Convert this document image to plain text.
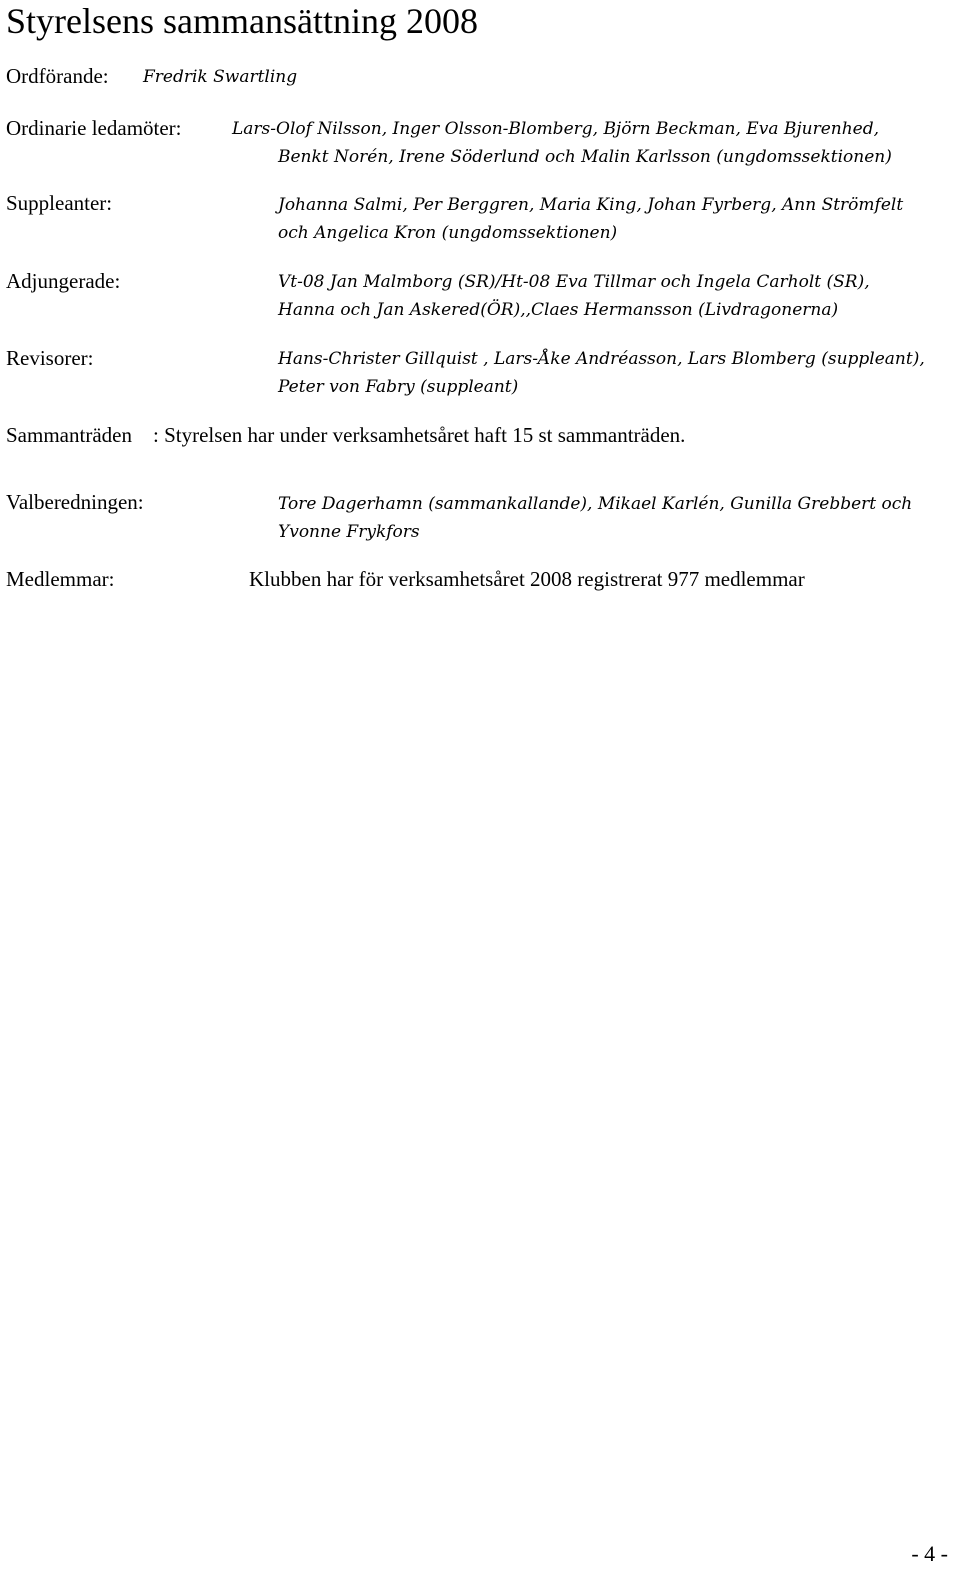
Styrelsens sammansättning 2008
Ordförande: Fredrik Swartling
Ordinarie ledamöter:	Lars-Olof Nilsson, Inger Olsson-Blomberg, Björn Beckman, Eva Bjurenhed,
Benkt Norén, Irene Söderlund och Malin Karlsson (ungdomssektionen)
Suppleanter:	Johanna Salmi, Per Berggren, Maria King, Johan Fyrberg, Ann Strömfelt
och Angelica Kron (ungdomssektionen)
Adjungerade:	Vt-08 Jan Malmborg (SR)/Ht-08 Eva Tillmar och Ingela Carholt (SR),
Hanna och Jan Askered(ÖR),,Claes Hermansson (Livdragonerna)
Revisorer:	Hans-Christer Gillquist , Lars-Åke Andréasson, Lars Blomberg (suppleant),
Peter von Fabry (suppleant)
Sammanträden : Styrelsen har under verksamhetsåret haft 15 st sammanträden.
Valberedningen:	Tore Dagerhamn (sammankallande), Mikael Karlén, Gunilla Grebbert och
Yvonne Frykfors
Medlemmar:	Klubben har för verksamhetsåret 2008 registrerat 977 medlemmar
- 4 -
